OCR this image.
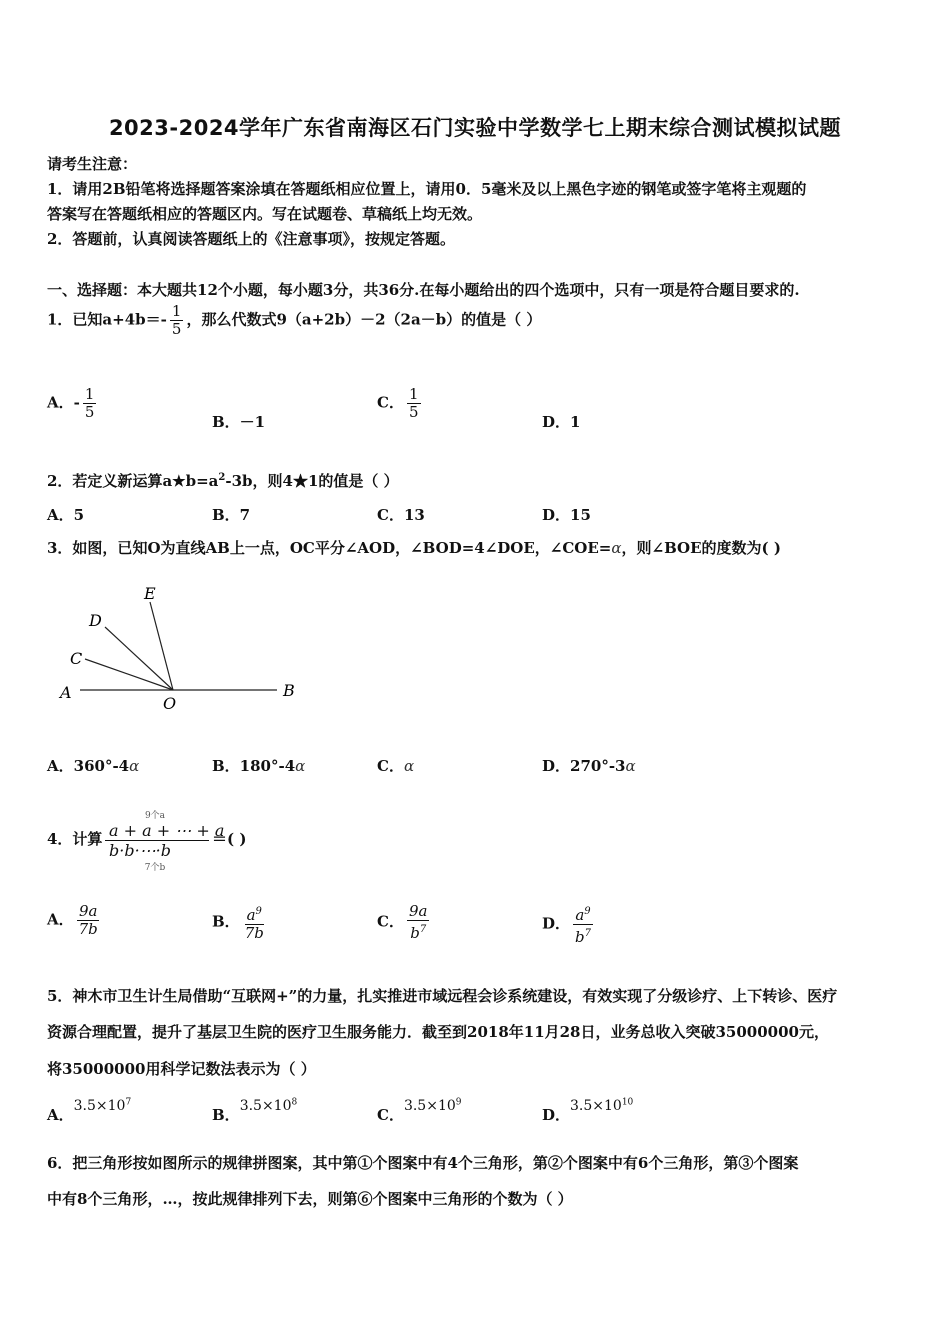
2023-2024学年广东省南海区石门实验中学数学七上期末综合测试模拟试题
请考生注意：
1．请用2B铅笔将选择题答案涂填在答题纸相应位置上，请用0．5毫米及以上黑色字迹的钢笔或签字笔将主观题的
答案写在答题纸相应的答题区内。写在试题卷、草稿纸上均无效。
2．答题前，认真阅读答题纸上的《注意事项》，按规定答题。
一、选择题：本大题共12个小题，每小题3分，共36分.在每小题给出的四个选项中，只有一项是符合题目要求的.
1．已知$a+4b=- \frac{1}{5}$ ，那么代数式9（a+2b）－2（2a－b）的值是（ ）
A．- $\frac{1}{5}$
B．－1
C． $\frac{1}{5}$
D．1
2．若定义新运算$a★b=a^2-3b$，则4★1的值是（ ）
A．5	B．7	C．13	D．15
3．如图，已知O为直线AB上一点，OC平分∠AOD，∠BOD=4∠DOE，∠COE=α，则∠BOE的度数为( )
A	B
C
D
E
O
A．360°-4α	B．180°-4α	C．α	D．270°-3α
4．计算
9个a
a + a + ⋯ + a
b·b·⋯·b
7个b
＝( )
A． $\frac{9a}{7b}$	B． $\frac{a^9}{7b}$	C． $\frac{9a}{b^7}$	D． $\frac{a^9}{b^7}$
5．神木市卫生计生局借助“互联网+”的力量，扎实推进市域远程会诊系统建设，有效实现了分级诊疗、上下转诊、医疗
资源合理配置，提升了基层卫生院的医疗卫生服务能力．截至到2018年11月28日，业务总收入突破35000000元，
将35000000用科学记数法表示为（ ）
A．$3.5\times 10^7$
B．$3.5\times 10^8$
C．$3.5\times 10^9$
D．$3.5\times 10^{10}$
6．把三角形按如图所示的规律拼图案，其中第①个图案中有4个三角形，第②个图案中有6个三角形，第③个图案
中有8个三角形，…，按此规律排列下去，则第⑥个图案中三角形的个数为（ ）
